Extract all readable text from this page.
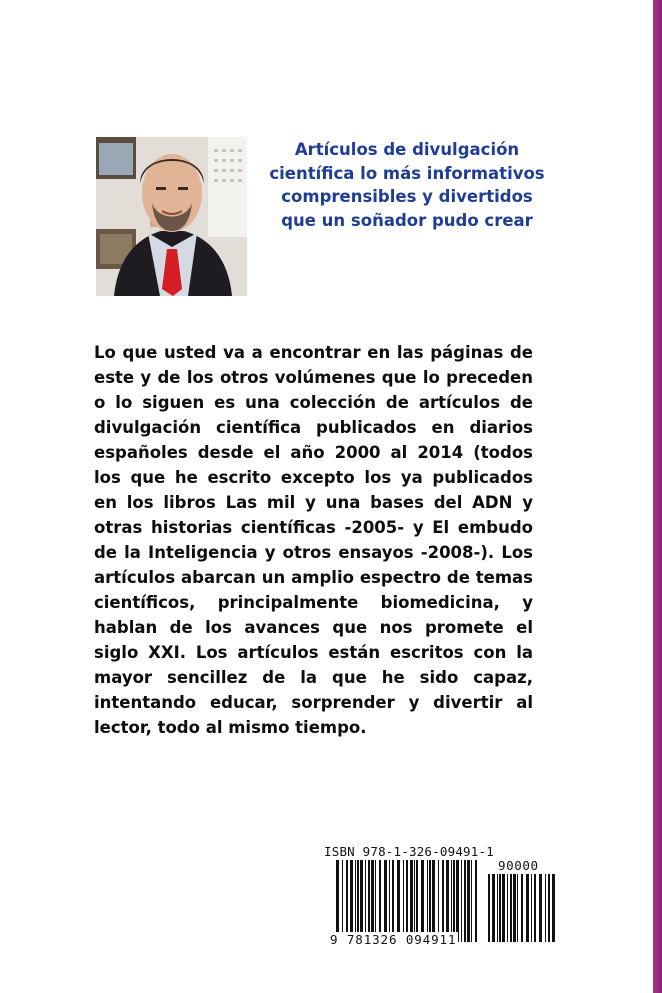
Artículos de divulgación
científica lo más informativos
comprensibles y divertidos
que un soñador pudo crear

Lo que usted va a encontrar en las páginas de este y de los otros volúmenes que lo preceden o lo siguen es una colección de artículos de divulgación científica publicados en diarios españoles desde el año 2000 al 2014 (todos los que he escrito excepto los ya publicados en los libros Las mil y una bases del ADN y otras historias científicas -2005- y El embudo de la Inteligencia y otros ensayos -2008-). Los artículos abarcan un amplio espectro de temas científicos, principalmente biomedicina, y hablan de los avances que nos promete el siglo XXI. Los artículos están escritos con la mayor sencillez de la que he sido capaz, intentando educar, sorprender y divertir al lector, todo al mismo tiempo.

ISBN 978-1-326-09491-1

90000

9 781326 094911
